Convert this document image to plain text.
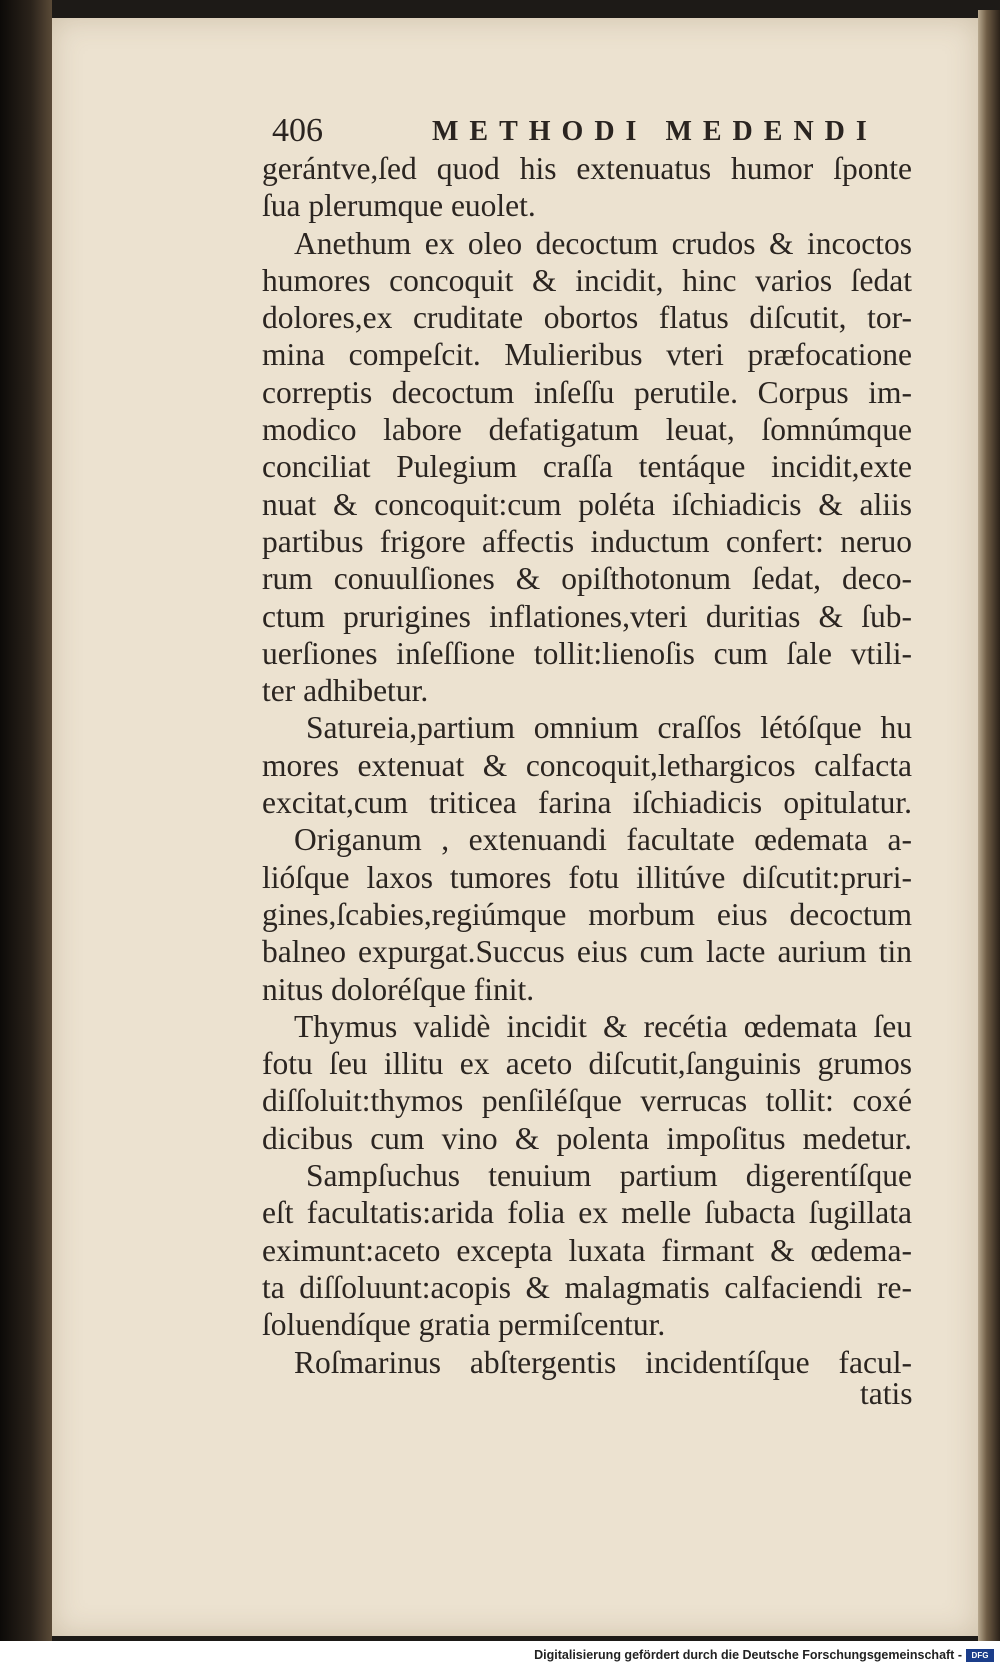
406	METHODI MEDENDI
gerántve,ſed quod his extenuatus humor ſponte
ſua plerumque euolet.
Anethum ex oleo decoctum crudos & incoctos
humores concoquit & incidit, hinc varios ſedat
dolores,ex cruditate obortos flatus diſcutit, tor-
mina compeſcit. Mulieribus vteri præfocatione
correptis decoctum inſeſſu perutile. Corpus im-
modico labore defatigatum leuat, ſomnúmque
conciliat Pulegium craſſa tentáque incidit,exte
nuat & concoquit:cum poléta iſchiadicis & aliis
partibus frigore affectis inductum confert: neruo
rum conuulſiones & opiſthotonum ſedat, deco-
ctum prurigines inflationes,vteri duritias & ſub-
uerſiones inſeſſione tollit:lienoſis cum ſale vtili-
ter adhibetur.
Satureia,partium omnium craſſos létóſque hu
mores extenuat & concoquit,lethargicos calfacta
excitat,cum triticea farina iſchiadicis opitulatur.
Origanum , extenuandi facultate œdemata a-
lióſque laxos tumores fotu illitúve diſcutit:pruri-
gines,ſcabies,regiúmque morbum eius decoctum
balneo expurgat.Succus eius cum lacte aurium tin
nitus doloréſque finit.
Thymus validè incidit & recétia œdemata ſeu
fotu ſeu illitu ex aceto diſcutit,ſanguinis grumos
diſſoluit:thymos penſiléſque verrucas tollit: coxé
dicibus cum vino & polenta impoſitus medetur.
Sampſuchus tenuium partium digerentíſque
eſt facultatis:arida folia ex melle ſubacta ſugillata
eximunt:aceto excepta luxata firmant & œdema-
ta diſſoluunt:acopis & malagmatis calfaciendi re-
ſoluendíque gratia permiſcentur.
Roſmarinus abſtergentis incidentíſque facul-
tatis
Digitalisierung gefördert durch die Deutsche Forschungsgemeinschaft -	DFG
